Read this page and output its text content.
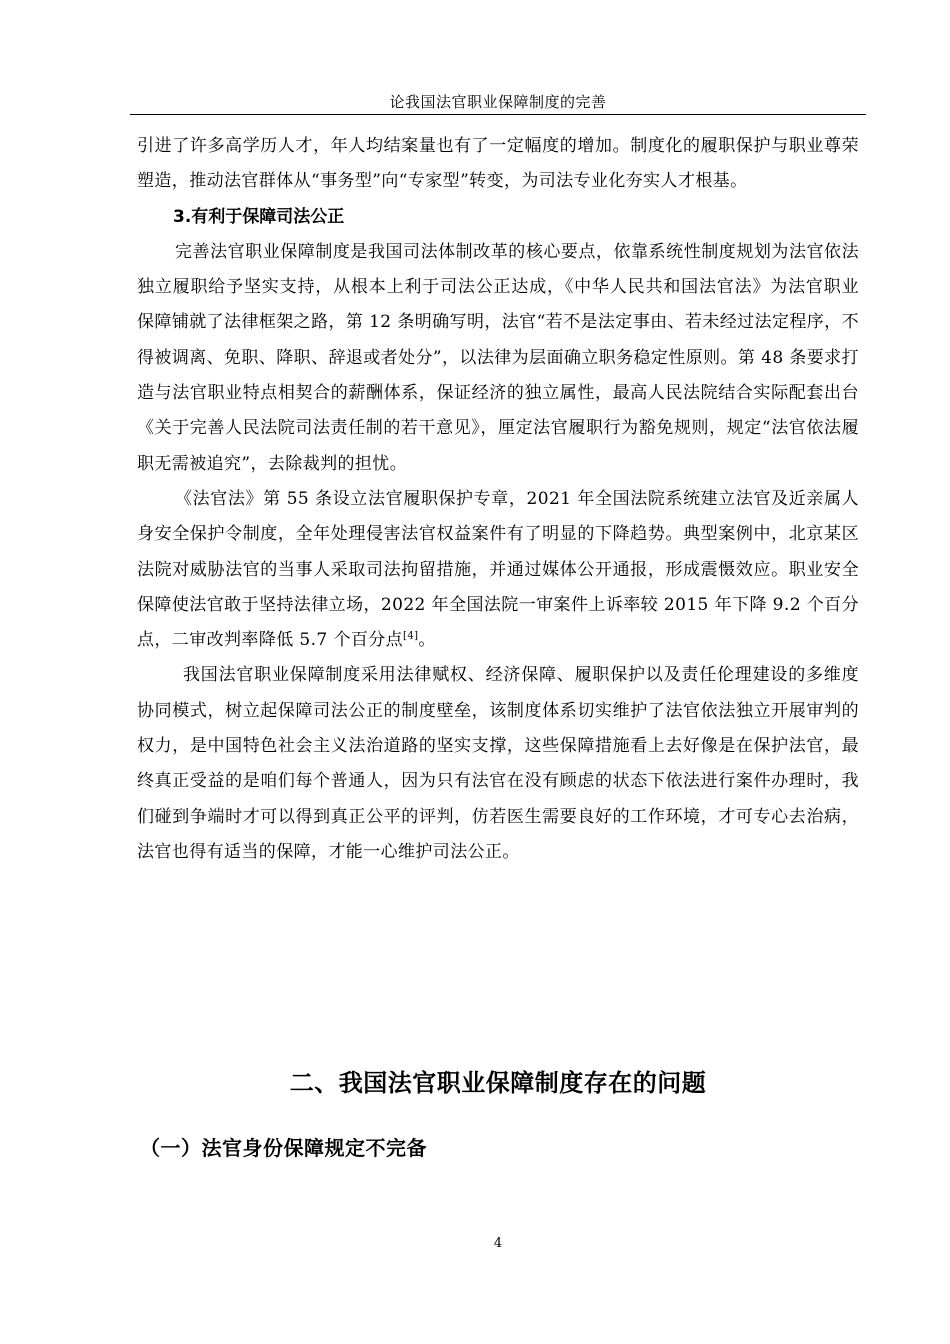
论我国法官职业保障制度的完善

引进了许多高学历人才，年人均结案量也有了一定幅度的增加。制度化的履职保护与职业尊荣塑造，推动法官群体从“事务型”向“专家型”转变，为司法专业化夯实人才根基。

3.有利于保障司法公正

完善法官职业保障制度是我国司法体制改革的核心要点，依靠系统性制度规划为法官依法独立履职给予坚实支持，从根本上利于司法公正达成，《中华人民共和国法官法》为法官职业保障铺就了法律框架之路，第 12 条明确写明，法官“若不是法定事由、若未经过法定程序，不得被调离、免职、降职、辞退或者处分”，以法律为层面确立职务稳定性原则。第 48 条要求打造与法官职业特点相契合的薪酬体系，保证经济的独立属性，最高人民法院结合实际配套出台《关于完善人民法院司法责任制的若干意见》，厘定法官履职行为豁免规则，规定“法官依法履职无需被追究”，去除裁判的担忧。

《法官法》第 55 条设立法官履职保护专章，2021 年全国法院系统建立法官及近亲属人身安全保护令制度，全年处理侵害法官权益案件有了明显的下降趋势。典型案例中，北京某区法院对威胁法官的当事人采取司法拘留措施，并通过媒体公开通报，形成震慑效应。职业安全保障使法官敢于坚持法律立场，2022 年全国法院一审案件上诉率较 2015 年下降 9.2 个百分点，二审改判率降低 5.7 个百分点[4]。

我国法官职业保障制度采用法律赋权、经济保障、履职保护以及责任伦理建设的多维度协同模式，树立起保障司法公正的制度壁垒，该制度体系切实维护了法官依法独立开展审判的权力，是中国特色社会主义法治道路的坚实支撑，这些保障措施看上去好像是在保护法官，最终真正受益的是咱们每个普通人，因为只有法官在没有顾虑的状态下依法进行案件办理时，我们碰到争端时才可以得到真正公平的评判，仿若医生需要良好的工作环境，才可专心去治病，法官也得有适当的保障，才能一心维护司法公正。

二、我国法官职业保障制度存在的问题
（一）法官身份保障规定不完备
4
